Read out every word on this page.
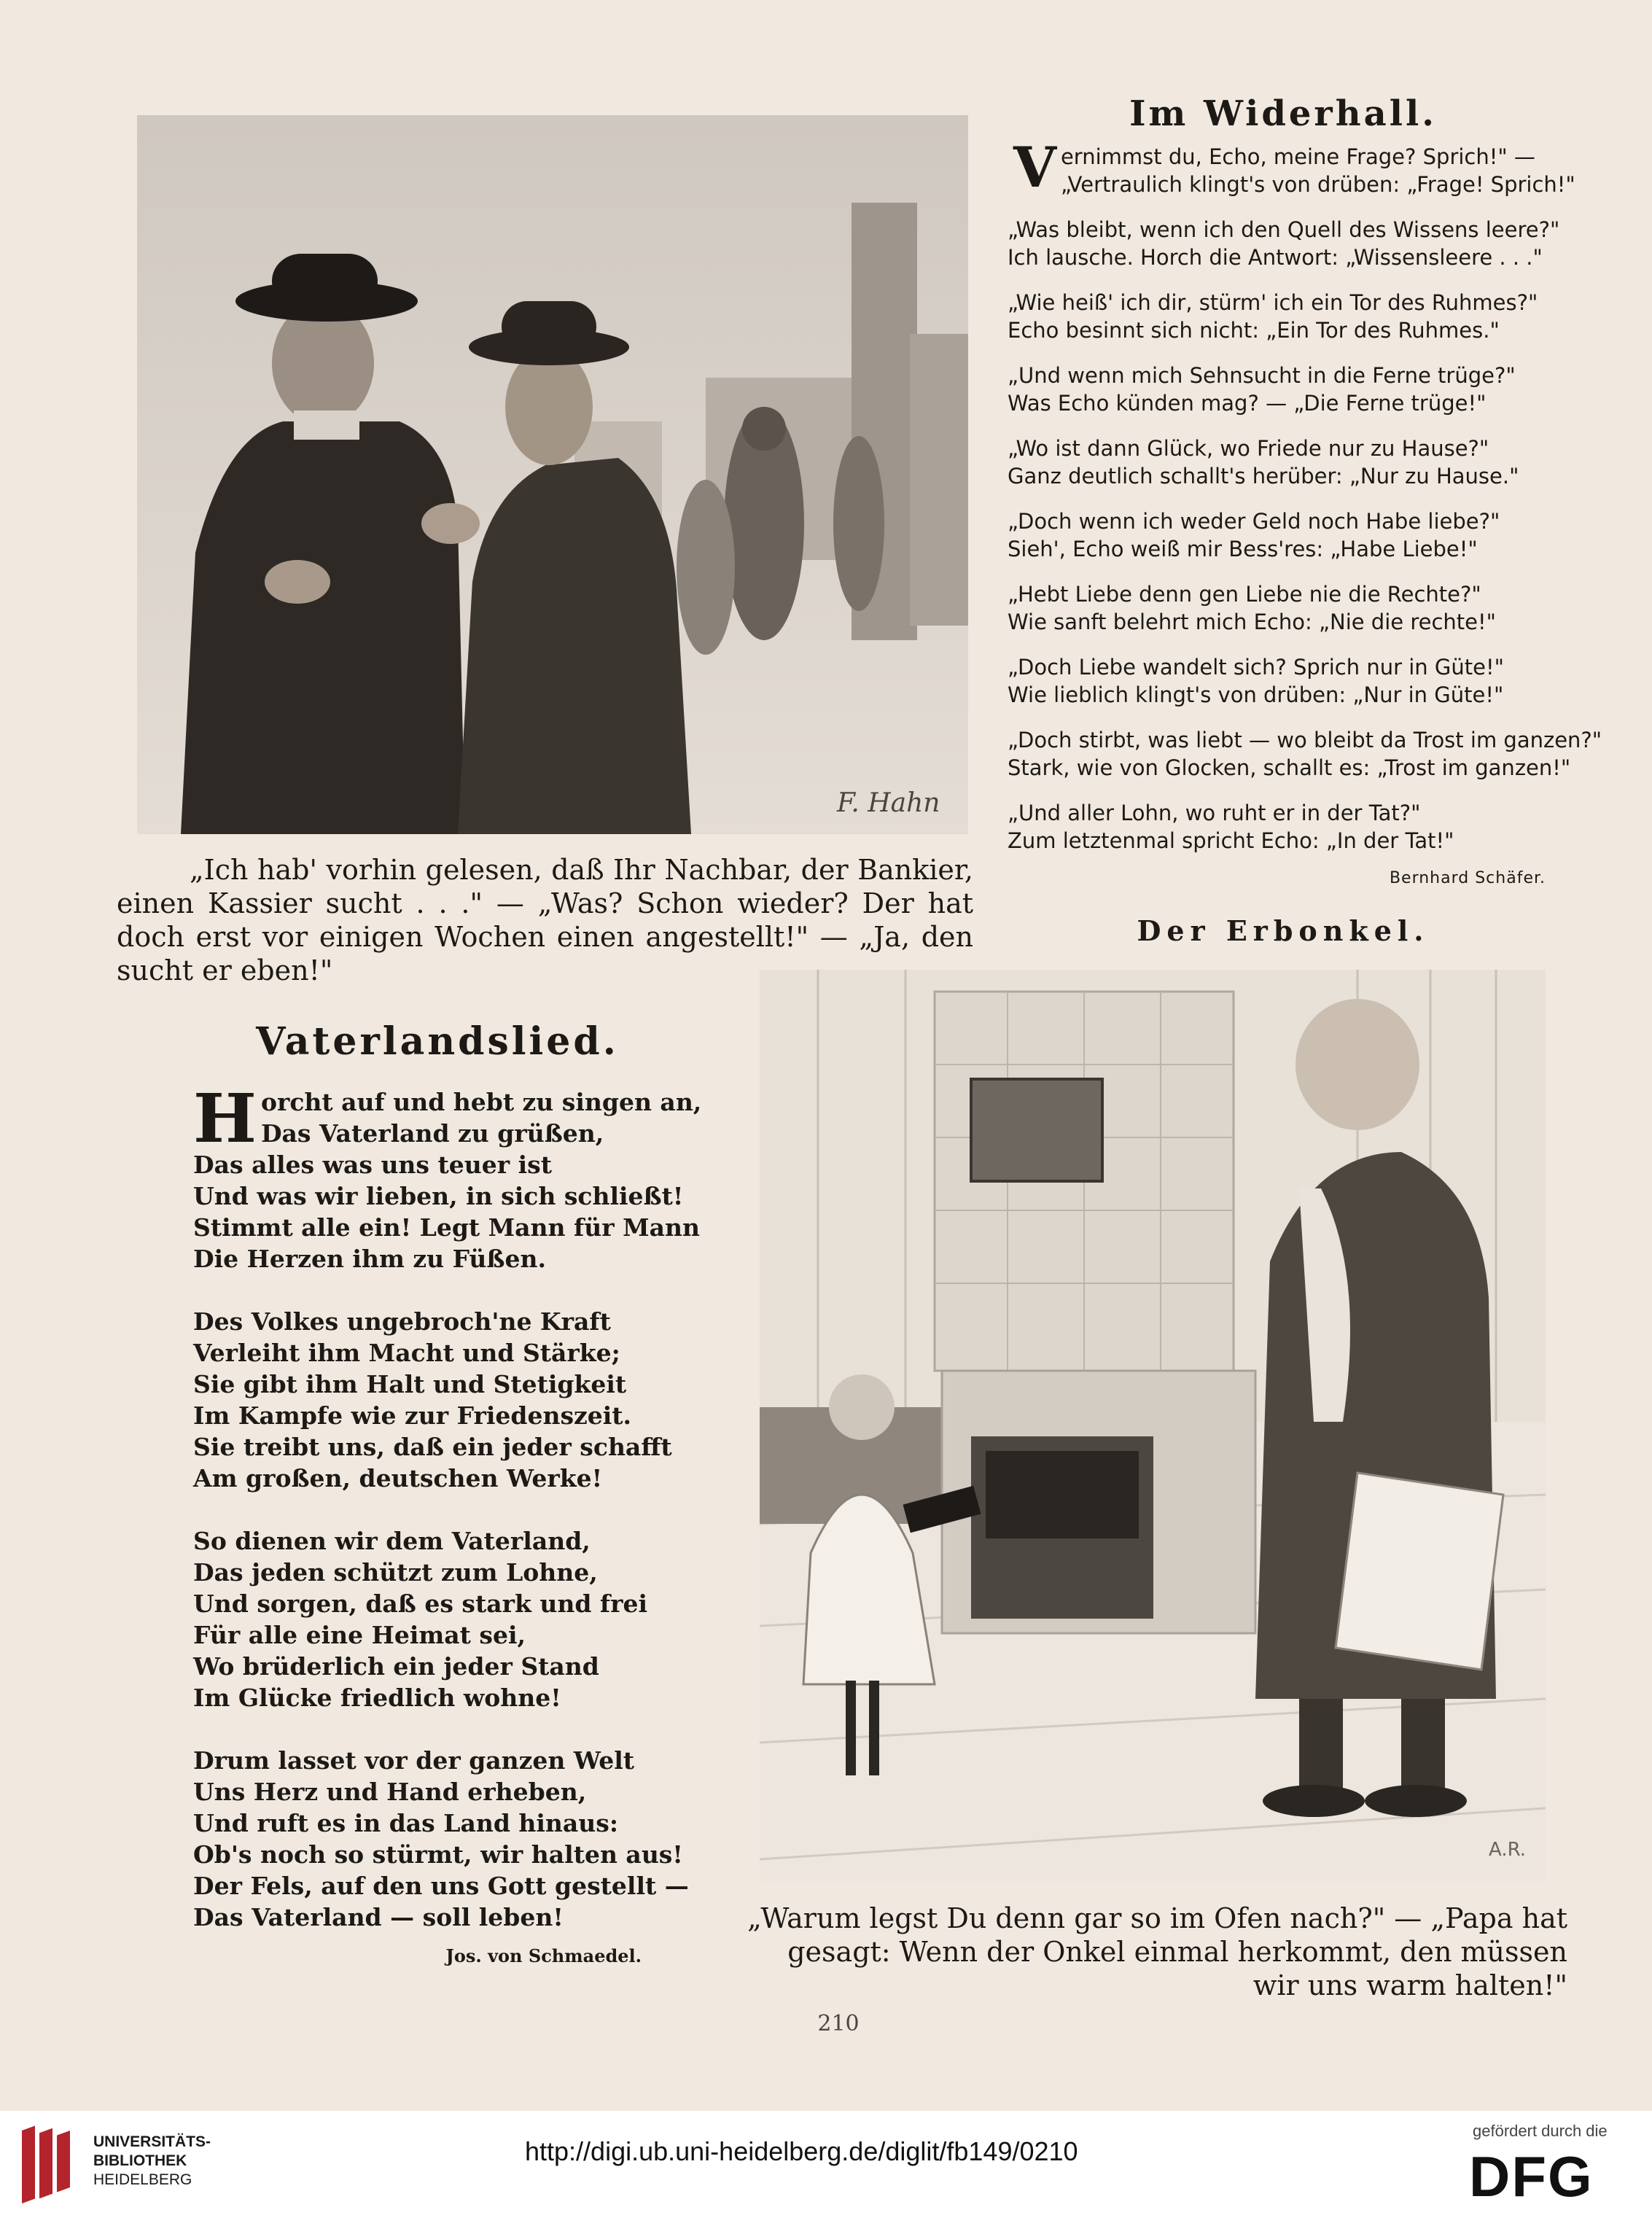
F. Hahn
„Ich hab' vorhin gelesen, daß Ihr Nachbar, der Bankier, einen Kassier sucht . . ." — „Was? Schon wieder? Der hat doch erst vor einigen Wochen einen angestellt!" — „Ja, den sucht er eben!"
Im Widerhall.
V ernimmst du, Echo, meine Frage? Sprich!" —
„Vertraulich klingt's von drüben: „Frage! Sprich!"
„Was bleibt, wenn ich den Quell des Wissens leere?"
Ich lausche. Horch die Antwort: „Wissensleere . . ."
„Wie heiß' ich dir, stürm' ich ein Tor des Ruhmes?"
Echo besinnt sich nicht: „Ein Tor des Ruhmes."
„Und wenn mich Sehnsucht in die Ferne trüge?"
Was Echo künden mag? — „Die Ferne trüge!"
„Wo ist dann Glück, wo Friede nur zu Hause?"
Ganz deutlich schallt's herüber: „Nur zu Hause."
„Doch wenn ich weder Geld noch Habe liebe?"
Sieh', Echo weiß mir Bess'res: „Habe Liebe!"
„Hebt Liebe denn gen Liebe nie die Rechte?"
Wie sanft belehrt mich Echo: „Nie die rechte!"
„Doch Liebe wandelt sich? Sprich nur in Güte!"
Wie lieblich klingt's von drüben: „Nur in Güte!"
„Doch stirbt, was liebt — wo bleibt da Trost im ganzen?"
Stark, wie von Glocken, schallt es: „Trost im ganzen!"
„Und aller Lohn, wo ruht er in der Tat?"
Zum letztenmal spricht Echo: „In der Tat!"
Bernhard Schäfer.
Der Erbonkel.
A.R.
„Warum legst Du denn gar so im Ofen nach?" — „Papa hat gesagt: Wenn der Onkel einmal herkommt, den müssen wir uns warm halten!"
Vaterlandslied.
H orcht auf und hebt zu singen an,
Das Vaterland zu grüßen,
Das alles was uns teuer ist
Und was wir lieben, in sich schließt!
Stimmt alle ein! Legt Mann für Mann
Die Herzen ihm zu Füßen.
Des Volkes ungebroch'ne Kraft
Verleiht ihm Macht und Stärke;
Sie gibt ihm Halt und Stetigkeit
Im Kampfe wie zur Friedenszeit.
Sie treibt uns, daß ein jeder schafft
Am großen, deutschen Werke!
So dienen wir dem Vaterland,
Das jeden schützt zum Lohne,
Und sorgen, daß es stark und frei
Für alle eine Heimat sei,
Wo brüderlich ein jeder Stand
Im Glücke friedlich wohne!
Drum lasset vor der ganzen Welt
Uns Herz und Hand erheben,
Und ruft es in das Land hinaus:
Ob's noch so stürmt, wir halten aus!
Der Fels, auf den uns Gott gestellt —
Das Vaterland — soll leben!
Jos. von Schmaedel.
210
UNIVERSITÄTS-
BIBLIOTHEK
HEIDELBERG
http://digi.ub.uni-heidelberg.de/diglit/fb149/0210
gefördert durch die
DFG
